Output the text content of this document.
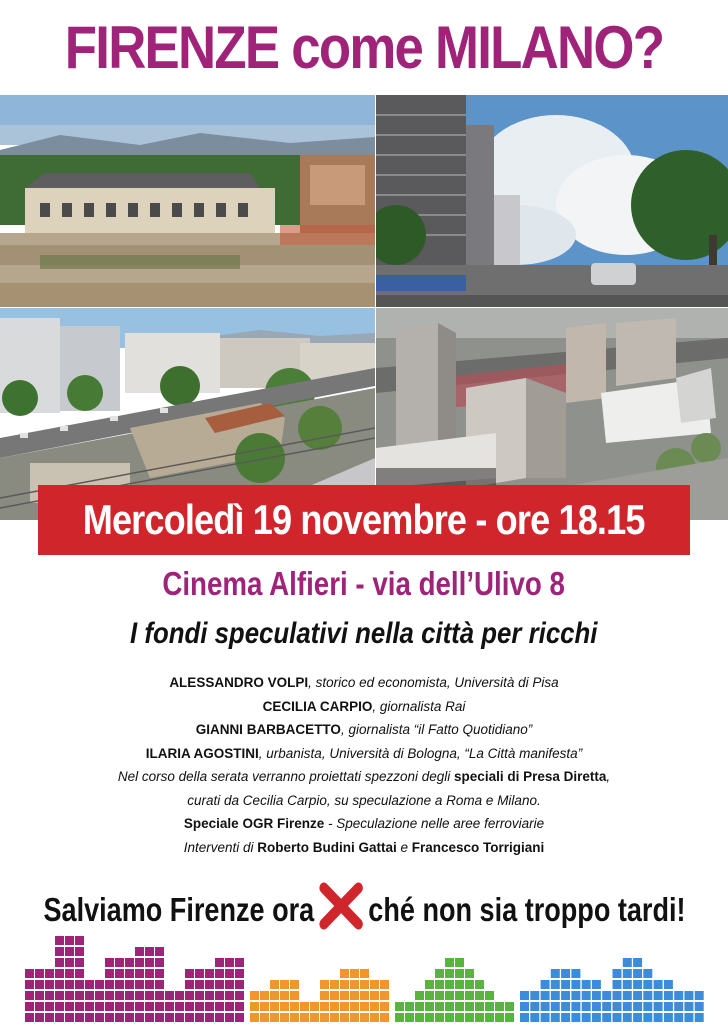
FIRENZE come MILANO?
Mercoledì 19 novembre - ore 18.15
Cinema Alfieri - via dell’Ulivo 8
I fondi speculativi nella città per ricchi
ALESSANDRO VOLPI, storico ed economista, Università di Pisa
CECILIA CARPIO, giornalista Rai
GIANNI BARBACETTO, giornalista “il Fatto Quotidiano”
ILARIA AGOSTINI, urbanista, Università di Bologna, “La Città manifesta”
Nel corso della serata verranno proiettati spezzoni degli speciali di Presa Diretta,
curati da Cecilia Carpio, su speculazione a Roma e Milano.
Speciale OGR Firenze - Speculazione nelle aree ferroviarie
Interventi di Roberto Budini Gattai e Francesco Torrigiani
Salviamo Firenze ora ché non sia troppo tardi!
